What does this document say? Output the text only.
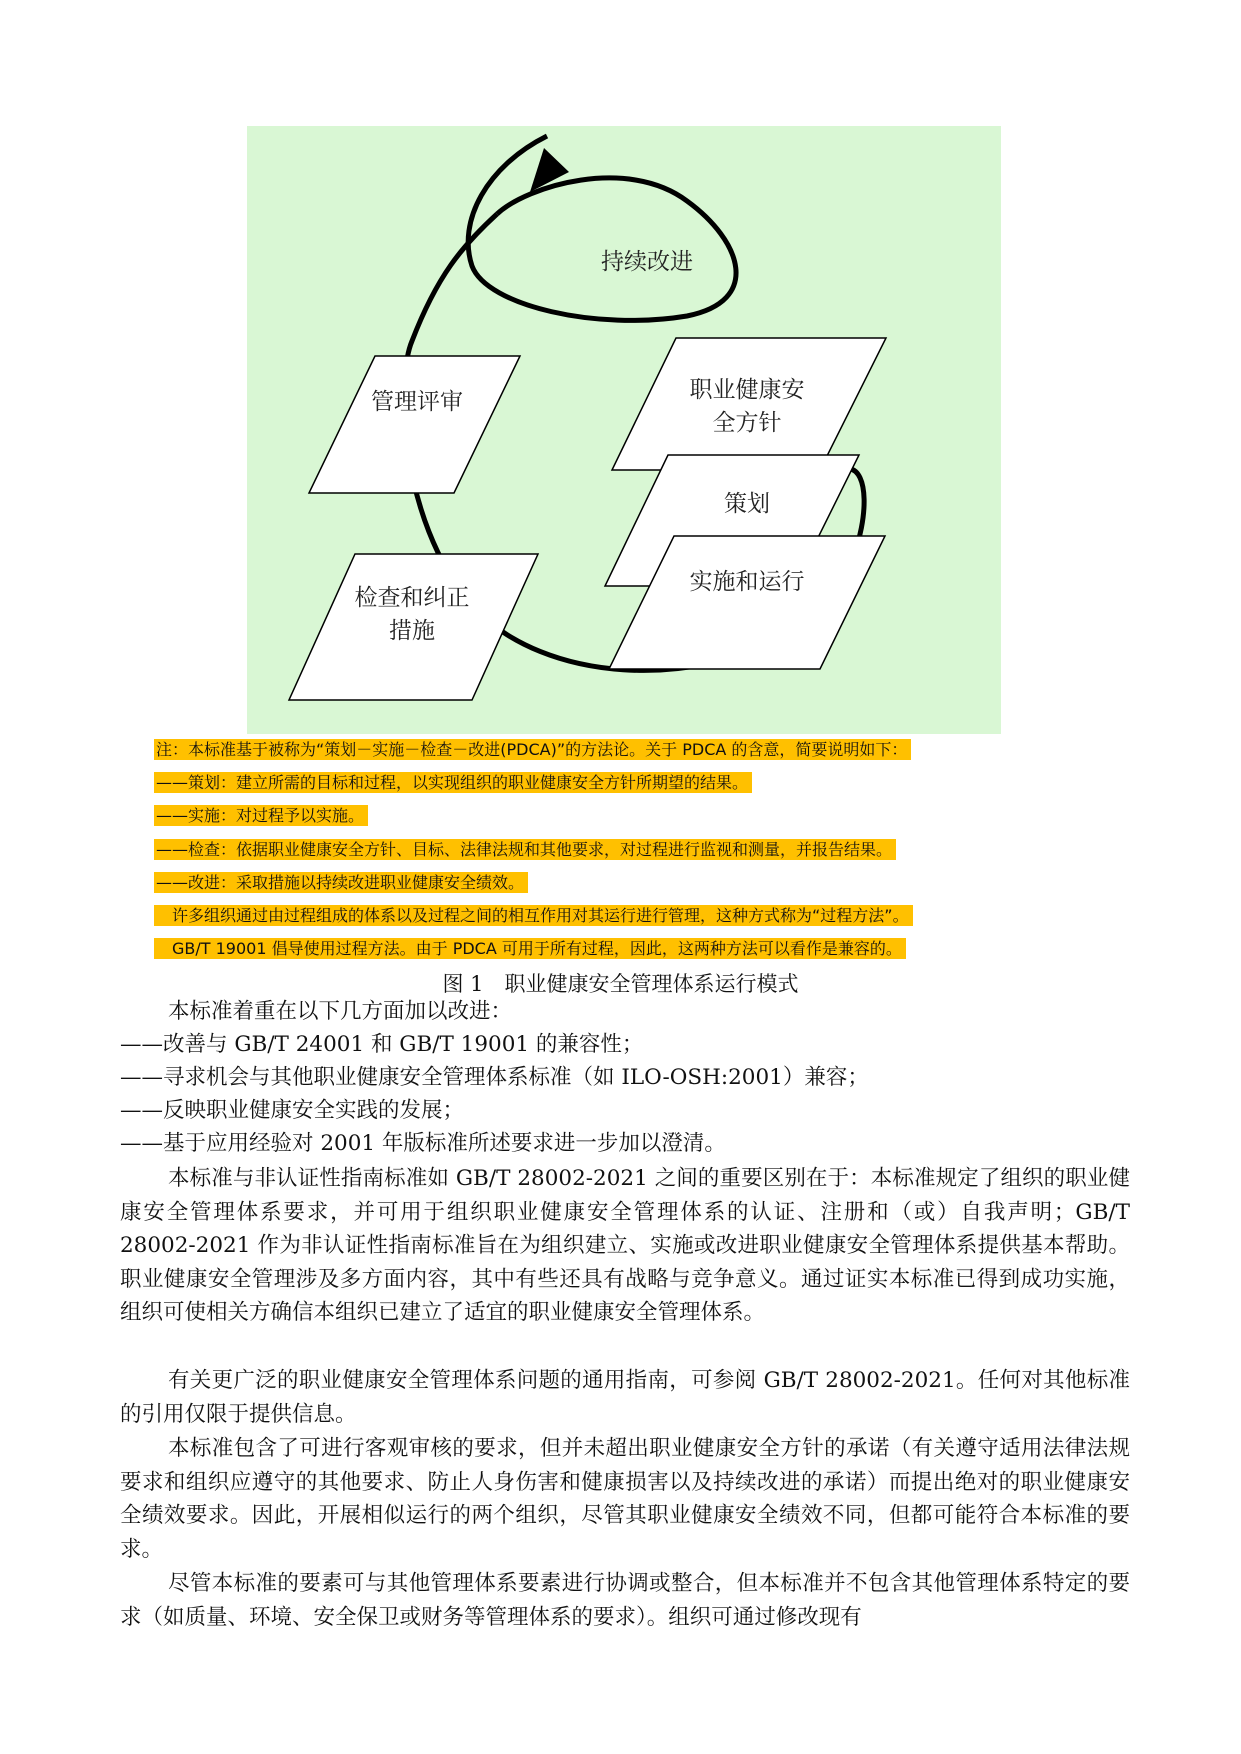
持续改进
管理评审	职业健康安
全方针
策划
实施和运行
检查和纠正
措施
注：本标准基于被称为“策划－实施－检查－改进(PDCA)”的方法论。关于 PDCA 的含意，简要说明如下：
——策划：建立所需的目标和过程，以实现组织的职业健康安全方针所期望的结果。
——实施：对过程予以实施。
——检查：依据职业健康安全方针、目标、法律法规和其他要求，对过程进行监视和测量，并报告结果。
——改进：采取措施以持续改进职业健康安全绩效。
　许多组织通过由过程组成的体系以及过程之间的相互作用对其运行进行管理，这种方式称为“过程方法”。
　GB/T 19001 倡导使用过程方法。由于 PDCA 可用于所有过程，因此，这两种方法可以看作是兼容的。
图 1　职业健康安全管理体系运行模式
本标准着重在以下几方面加以改进：
——改善与 GB/T 24001 和 GB/T 19001 的兼容性；
——寻求机会与其他职业健康安全管理体系标准（如 ILO-OSH:2001）兼容；
——反映职业健康安全实践的发展；
——基于应用经验对 2001 年版标准所述要求进一步加以澄清。
本标准与非认证性指南标准如 GB/T 28002-2021 之间的重要区别在于：本标准规定了组织的职业健康安全管理体系要求，并可用于组织职业健康安全管理体系的认证、注册和（或）自我声明；GB/T 28002-2021 作为非认证性指南标准旨在为组织建立、实施或改进职业健康安全管理体系提供基本帮助。职业健康安全管理涉及多方面内容，其中有些还具有战略与竞争意义。通过证实本标准已得到成功实施，组织可使相关方确信本组织已建立了适宜的职业健康安全管理体系。
有关更广泛的职业健康安全管理体系问题的通用指南，可参阅 GB/T 28002-2021。任何对其他标准的引用仅限于提供信息。
本标准包含了可进行客观审核的要求，但并未超出职业健康安全方针的承诺（有关遵守适用法律法规要求和组织应遵守的其他要求、防止人身伤害和健康损害以及持续改进的承诺）而提出绝对的职业健康安全绩效要求。因此，开展相似运行的两个组织，尽管其职业健康安全绩效不同，但都可能符合本标准的要求。
尽管本标准的要素可与其他管理体系要素进行协调或整合，但本标准并不包含其他管理体系特定的要求（如质量、环境、安全保卫或财务等管理体系的要求）。组织可通过修改现有
